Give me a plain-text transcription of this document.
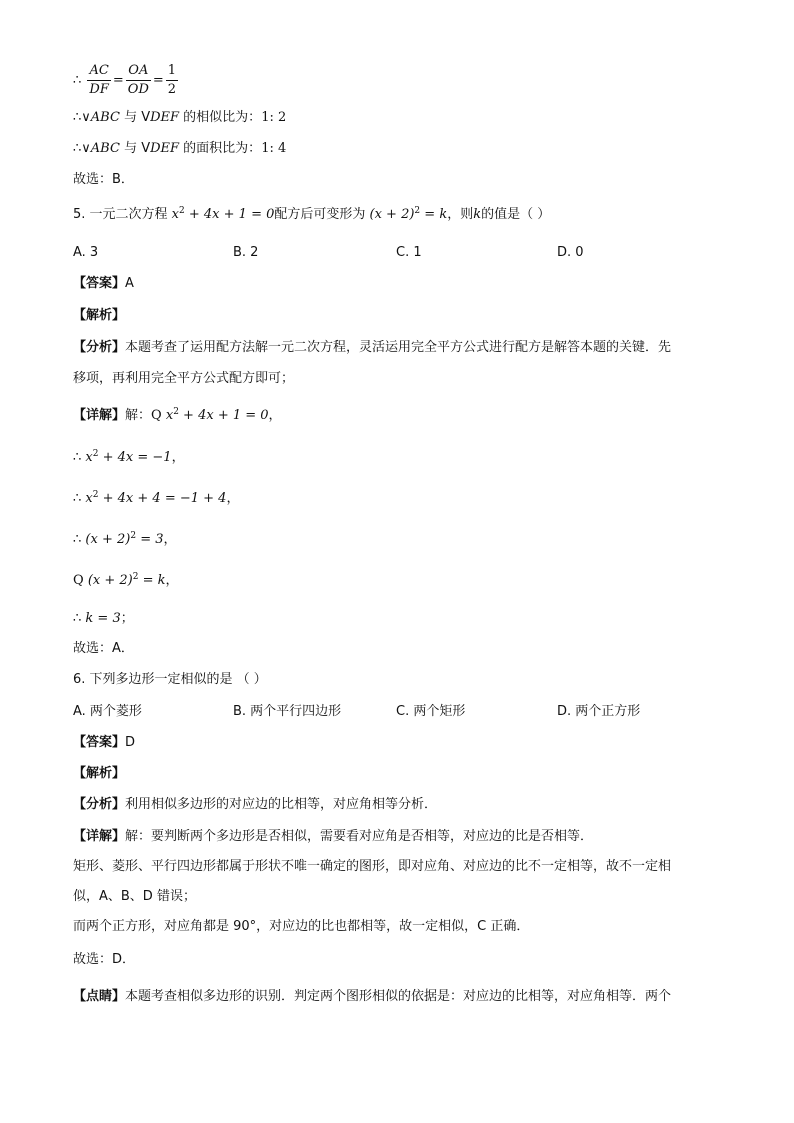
∴ $\frac{AC}{DF} = \frac{OA}{OD} = \frac{1}{2}$
∴∨ABC 与 VDEF 的相似比为：1: 2
∴∨ABC 与 VDEF 的面积比为：1: 4
故选：B．
5. 一元二次方程 $x^2 + 4x + 1 = 0$配方后可变形为 $(x + 2)^2 = k$，则k的值是（ ）
A. 3	B. 2	C. 1	D. 0
【答案】A
【解析】
【分析】本题考查了运用配方法解一元二次方程，灵活运用完全平方公式进行配方是解答本题的关键．先
移项，再利用完全平方公式配方即可；
【详解】解：Q $x^2 + 4x + 1 = 0$，
∴ $x^2 + 4x = -1$，
∴ $x^2 + 4x + 4 = -1 + 4$，
∴ $(x + 2)^2 = 3$，
Q $(x + 2)^2 = k$，
∴ k = 3；
故选：A．
6. 下列多边形一定相似的是 （ ）
A. 两个菱形	B. 两个平行四边形	C. 两个矩形	D. 两个正方形
【答案】D
【解析】
【分析】利用相似多边形的对应边的比相等，对应角相等分析．
【详解】解：要判断两个多边形是否相似，需要看对应角是否相等，对应边的比是否相等．
矩形、菱形、平行四边形都属于形状不唯一确定的图形，即对应角、对应边的比不一定相等，故不一定相
似，A、B、D 错误；
而两个正方形，对应角都是 90°，对应边的比也都相等，故一定相似，C 正确．
故选：D．
【点睛】本题考查相似多边形的识别．判定两个图形相似的依据是：对应边的比相等，对应角相等．两个
